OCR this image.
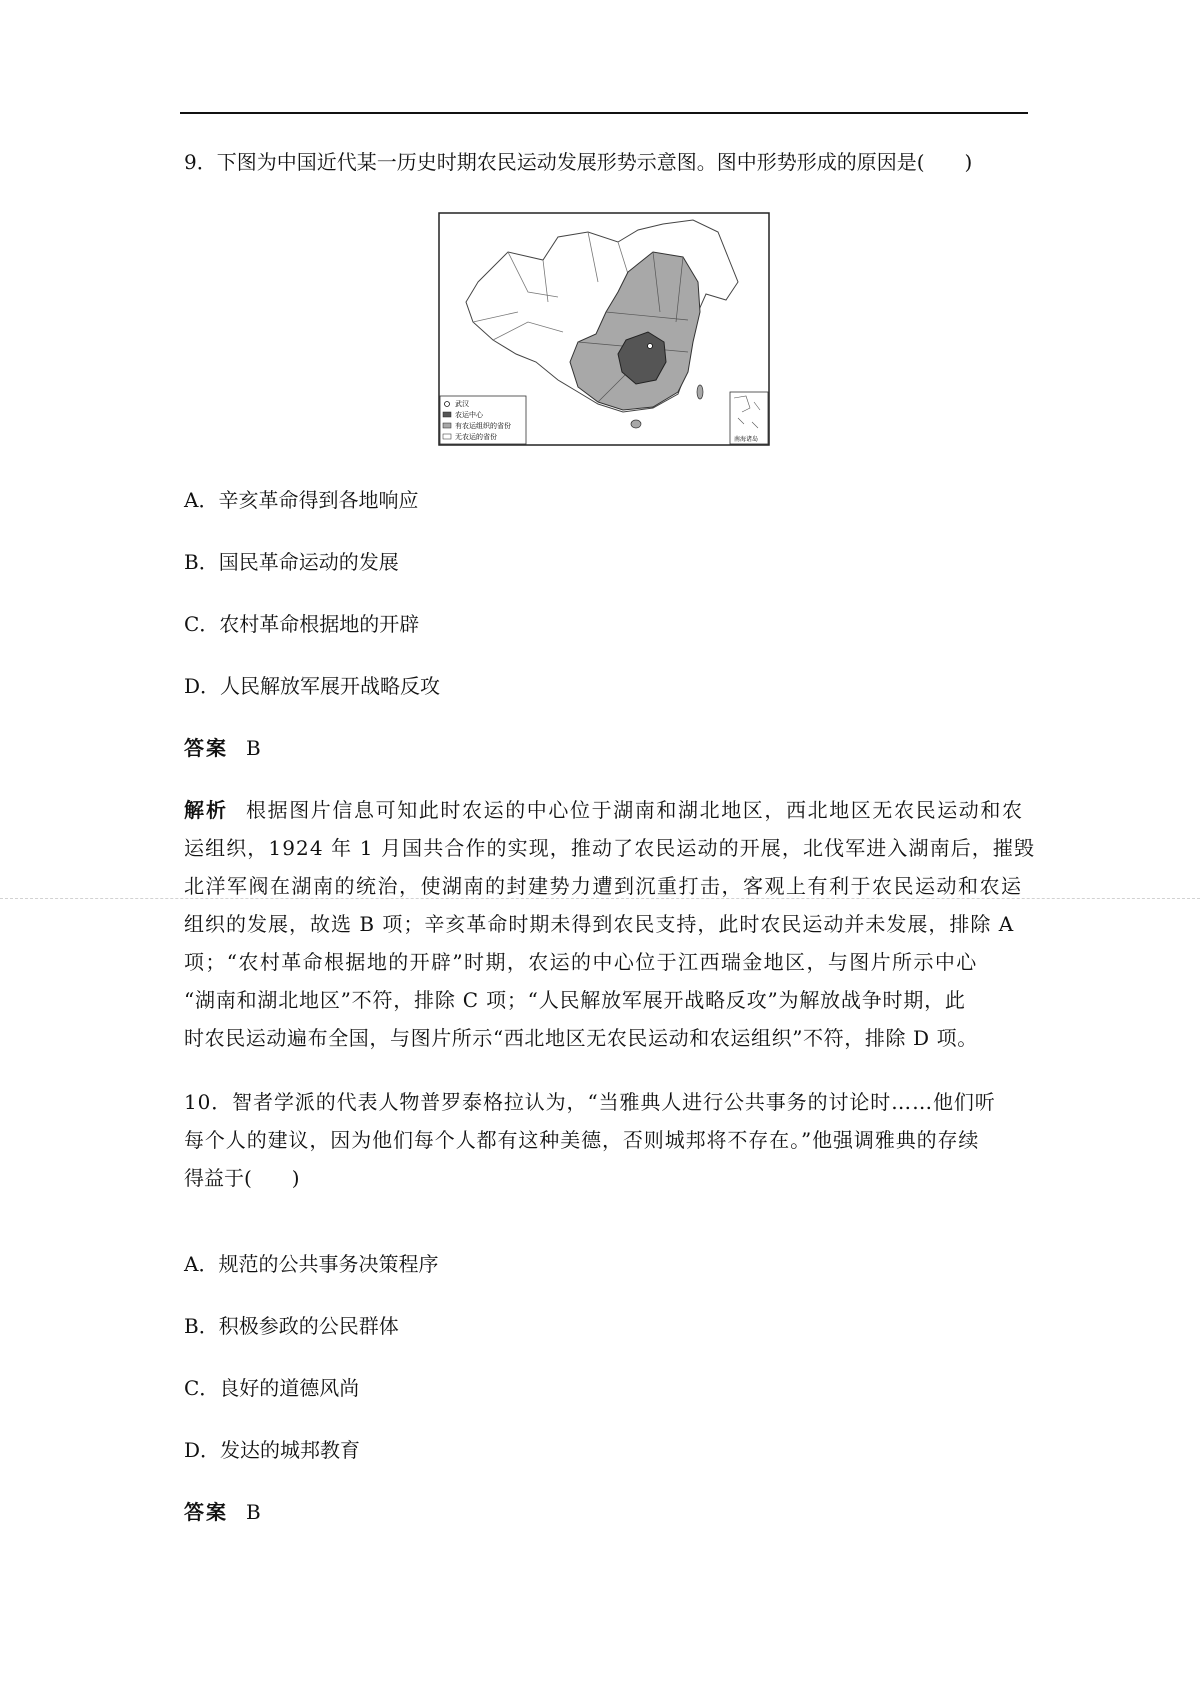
9．下图为中国近代某一历史时期农民运动发展形势示意图。图中形势形成的原因是(　　)
武汉
农运中心
有农运组织的省份
无农运的省份	南海诸岛
A．辛亥革命得到各地响应
B．国民革命运动的发展
C．农村革命根据地的开辟
D．人民解放军展开战略反攻
答案 B
解析 根据图片信息可知此时农运的中心位于湖南和湖北地区，西北地区无农民运动和农
运组织，1924 年 1 月国共合作的实现，推动了农民运动的开展，北伐军进入湖南后，摧毁
北洋军阀在湖南的统治，使湖南的封建势力遭到沉重打击，客观上有利于农民运动和农运
组织的发展，故选 B 项；辛亥革命时期未得到农民支持，此时农民运动并未发展，排除 A
项；“农村革命根据地的开辟”时期，农运的中心位于江西瑞金地区，与图片所示中心
“湖南和湖北地区”不符，排除 C 项；“人民解放军展开战略反攻”为解放战争时期，此
时农民运动遍布全国，与图片所示“西北地区无农民运动和农运组织”不符，排除 D 项。
10．智者学派的代表人物普罗泰格拉认为，“当雅典人进行公共事务的讨论时……他们听
每个人的建议，因为他们每个人都有这种美德，否则城邦将不存在。”他强调雅典的存续
得益于(　　)
A．规范的公共事务决策程序
B．积极参政的公民群体
C．良好的道德风尚
D．发达的城邦教育
答案 B
